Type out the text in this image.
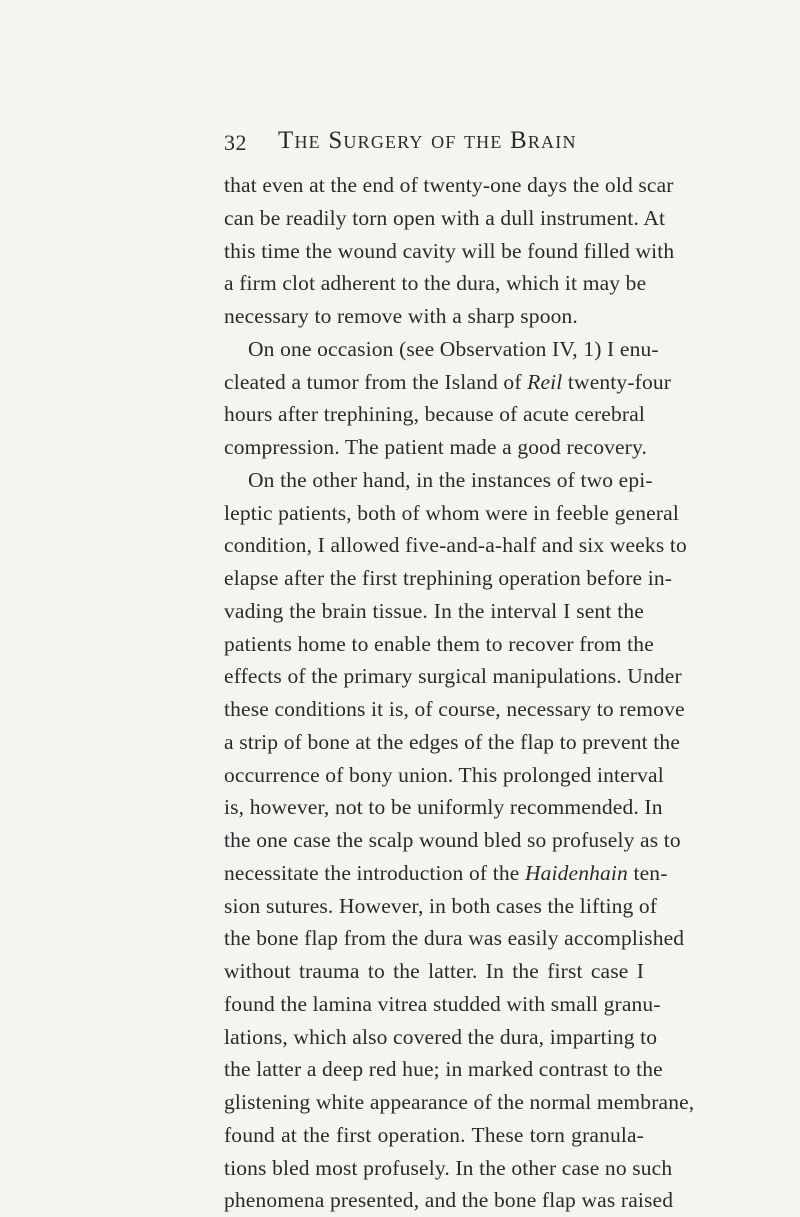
32 The Surgery of the Brain
that even at the end of twenty-one days the old scar
can be readily torn open with a dull instrument. At
this time the wound cavity will be found filled with
a firm clot adherent to the dura, which it may be
necessary to remove with a sharp spoon.
On one occasion (see Observation IV, 1) I enu-
cleated a tumor from the Island of Reil twenty-four
hours after trephining, because of acute cerebral
compression. The patient made a good recovery.
On the other hand, in the instances of two epi-
leptic patients, both of whom were in feeble general
condition, I allowed five-and-a-half and six weeks to
elapse after the first trephining operation before in-
vading the brain tissue. In the interval I sent the
patients home to enable them to recover from the
effects of the primary surgical manipulations. Under
these conditions it is, of course, necessary to remove
a strip of bone at the edges of the flap to prevent the
occurrence of bony union. This prolonged interval
is, however, not to be uniformly recommended. In
the one case the scalp wound bled so profusely as to
necessitate the introduction of the Haidenhain ten-
sion sutures. However, in both cases the lifting of
the bone flap from the dura was easily accomplished
without trauma to the latter. In the first case I
found the lamina vitrea studded with small granu-
lations, which also covered the dura, imparting to
the latter a deep red hue; in marked contrast to the
glistening white appearance of the normal membrane,
found at the first operation. These torn granula-
tions bled most profusely. In the other case no such
phenomena presented, and the bone flap was raised
